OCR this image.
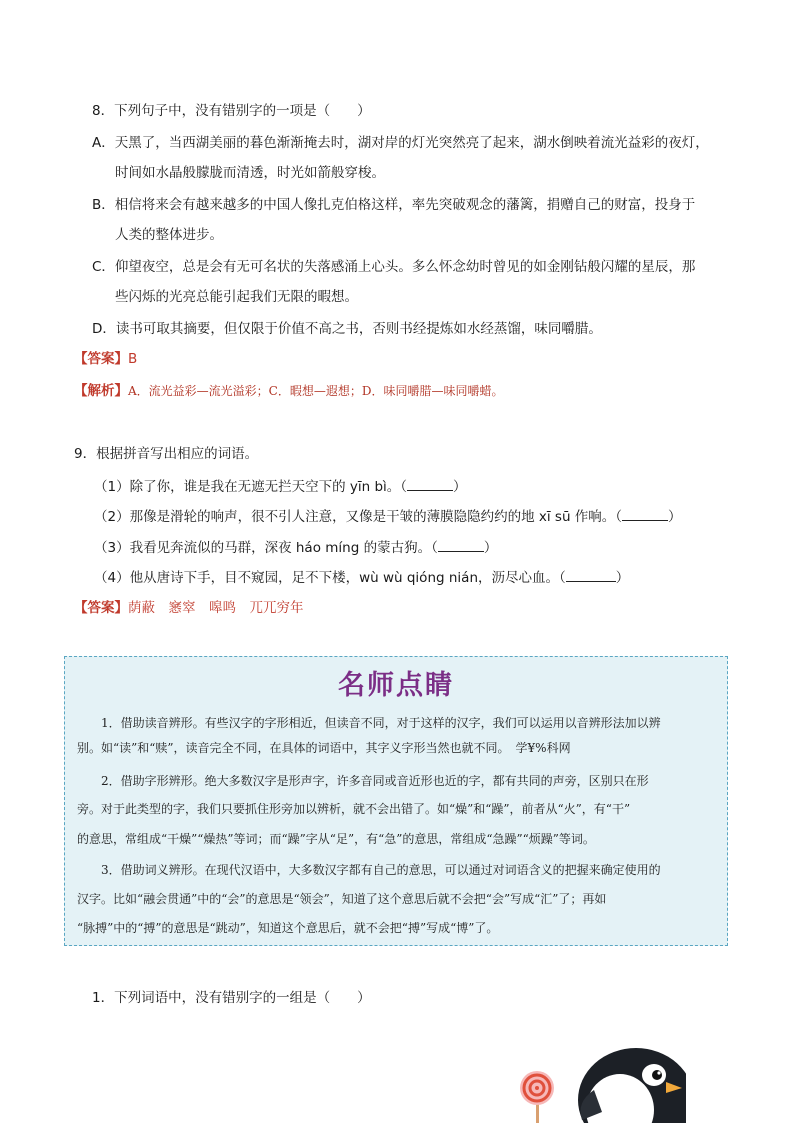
8．下列句子中，没有错别字的一项是（　　）
A．天黑了，当西湖美丽的暮色渐渐掩去时，湖对岸的灯光突然亮了起来，湖水倒映着流光益彩的夜灯，
时间如水晶般朦胧而清透，时光如箭般穿梭。
B．相信将来会有越来越多的中国人像扎克伯格这样，率先突破观念的藩篱，捐赠自己的财富，投身于
人类的整体进步。
C．仰望夜空，总是会有无可名状的失落感涌上心头。多么怀念幼时曾见的如金刚钻般闪耀的星辰，那
些闪烁的光亮总能引起我们无限的暇想。
D．读书可取其摘要，但仅限于价值不高之书，否则书经提炼如水经蒸馏，味同嚼腊。
【答案】B
【解析】A．流光益彩—流光溢彩；C．暇想—遐想；D．味同嚼腊—味同嚼蜡。
9．根据拼音写出相应的词语。
（1）除了你，谁是我在无遮无拦天空下的 yīn bì。（	）
（2）那像是滑轮的响声，很不引人注意，又像是干皱的薄膜隐隐约约的地 xī sū 作响。（	）
（3）我看见奔流似的马群，深夜 háo míng 的蒙古狗。（	）
（4）他从唐诗下手，目不窥园，足不下楼，wù wù qióng nián，沥尽心血。（	）
【答案】荫蔽　窸窣　嗥鸣　兀兀穷年
名师点睛
1．借助读音辨形。有些汉字的字形相近，但读音不同，对于这样的汉字，我们可以运用以音辨形法加以辨
别。如“读”和“赎”，读音完全不同，在具体的词语中，其字义字形当然也就不同。　学¥%科网
2．借助字形辨形。绝大多数汉字是形声字，许多音同或音近形也近的字，都有共同的声旁，区别只在形
旁。对于此类型的字，我们只要抓住形旁加以辨析，就不会出错了。如“燥”和“躁”，前者从“火”，有“干”
的意思，常组成“干燥”“燥热”等词；而“躁”字从“足”，有“急”的意思，常组成“急躁”“烦躁”等词。
3．借助词义辨形。在现代汉语中，大多数汉字都有自己的意思，可以通过对词语含义的把握来确定使用的
汉字。比如“融会贯通”中的“会”的意思是“领会”，知道了这个意思后就不会把“会”写成“汇”了；再如
“脉搏”中的“搏”的意思是“跳动”，知道这个意思后，就不会把“搏”写成“博”了。
1．下列词语中，没有错别字的一组是（　　）
